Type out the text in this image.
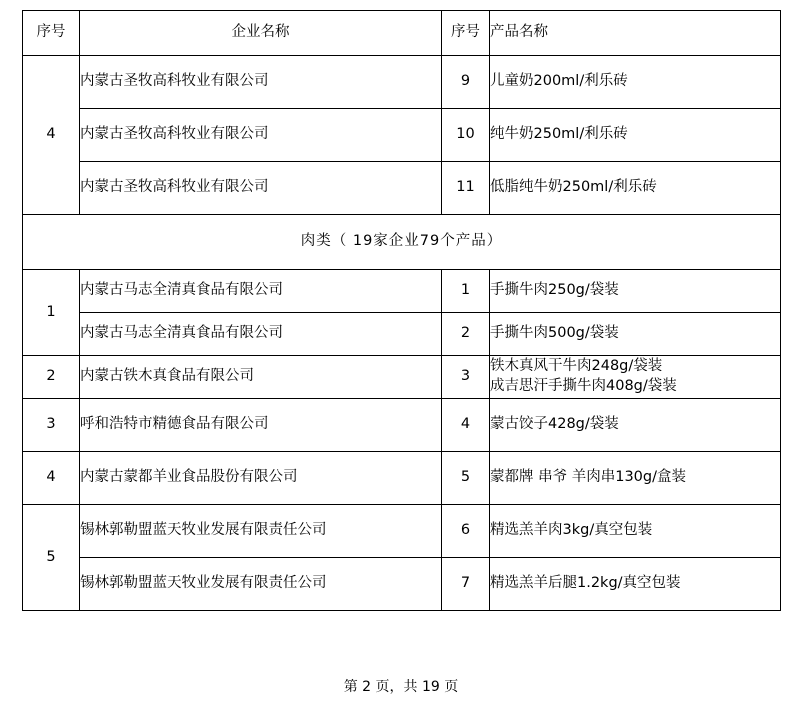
序号	企业名称	序号	产品名称
4	内蒙古圣牧高科牧业有限公司	9	儿童奶200ml/利乐砖
	内蒙古圣牧高科牧业有限公司	10	纯牛奶250ml/利乐砖
	内蒙古圣牧高科牧业有限公司	11	低脂纯牛奶250ml/利乐砖
肉类（ 19家企业79个产品）			
1	内蒙古马志全清真食品有限公司	1	手撕牛肉250g/袋装
	内蒙古马志全清真食品有限公司	2	手撕牛肉500g/袋装
2	内蒙古铁木真食品有限公司	3	铁木真风干牛肉248g/袋装
成吉思汗手撕牛肉408g/袋装

3	呼和浩特市精德食品有限公司	4	蒙古饺子428g/袋装
4	内蒙古蒙都羊业食品股份有限公司	5	蒙都牌 串爷 羊肉串130g/盒装
5	锡林郭勒盟蓝天牧业发展有限责任公司	6	精选羔羊肉3kg/真空包装
	锡林郭勒盟蓝天牧业发展有限责任公司	7	精选羔羊后腿1.2kg/真空包装
第 2 页，共 19 页
